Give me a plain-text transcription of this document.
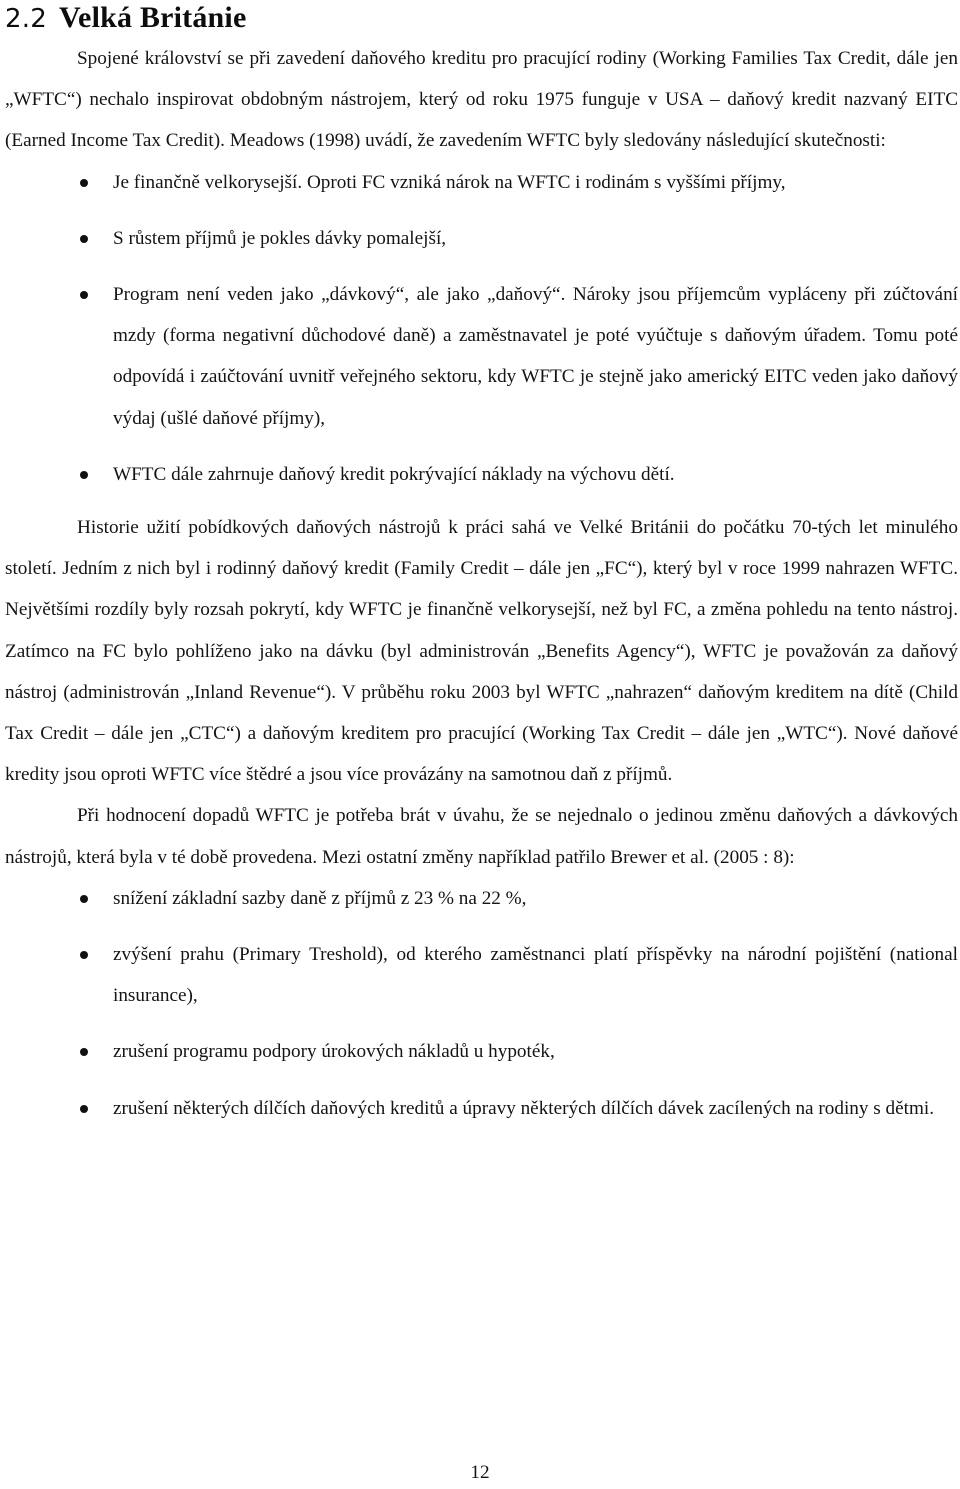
2.2 Velká Británie

Spojené království se při zavedení daňového kreditu pro pracující rodiny (Working Families Tax Credit, dále jen „WFTC“) nechalo inspirovat obdobným nástrojem, který od roku 1975 funguje v USA – daňový kredit nazvaný EITC (Earned Income Tax Credit). Meadows (1998) uvádí, že zavedením WFTC byly sledovány následující skutečnosti:

Je finančně velkorysejší. Oproti FC vzniká nárok na WFTC i rodinám s vyššími příjmy,
S růstem příjmů je pokles dávky pomalejší,
Program není veden jako „dávkový“, ale jako „daňový“. Nároky jsou příjemcům vypláceny při zúčtování mzdy (forma negativní důchodové daně) a zaměstnavatel je poté vyúčtuje s daňovým úřadem. Tomu poté odpovídá i zaúčtování uvnitř veřejného sektoru, kdy WFTC je stejně jako americký EITC veden jako daňový výdaj (ušlé daňové příjmy),
WFTC dále zahrnuje daňový kredit pokrývající náklady na výchovu dětí.

Historie užití pobídkových daňových nástrojů k práci sahá ve Velké Británii do počátku 70-tých let minulého století. Jedním z nich byl i rodinný daňový kredit (Family Credit – dále jen „FC“), který byl v roce 1999 nahrazen WFTC. Největšími rozdíly byly rozsah pokrytí, kdy WFTC je finančně velkorysejší, než byl FC, a změna pohledu na tento nástroj. Zatímco na FC bylo pohlíženo jako na dávku (byl administrován „Benefits Agency“), WFTC je považován za daňový nástroj (administrován „Inland Revenue“). V průběhu roku 2003 byl WFTC „nahrazen“ daňovým kreditem na dítě (Child Tax Credit – dále jen „CTC“) a daňovým kreditem pro pracující (Working Tax Credit – dále jen „WTC“). Nové daňové kredity jsou oproti WFTC více štědré a jsou více provázány na samotnou daň z příjmů.

Při hodnocení dopadů WFTC je potřeba brát v úvahu, že se nejednalo o jedinou změnu daňových a dávkových nástrojů, která byla v té době provedena. Mezi ostatní změny například patřilo Brewer et al. (2005 : 8):

snížení základní sazby daně z příjmů z 23 % na 22 %,
zvýšení prahu (Primary Treshold), od kterého zaměstnanci platí příspěvky na národní pojištění (national insurance),
zrušení programu podpory úrokových nákladů u hypoték,
zrušení některých dílčích daňových kreditů a úpravy některých dílčích dávek zacílených na rodiny s dětmi.
12
